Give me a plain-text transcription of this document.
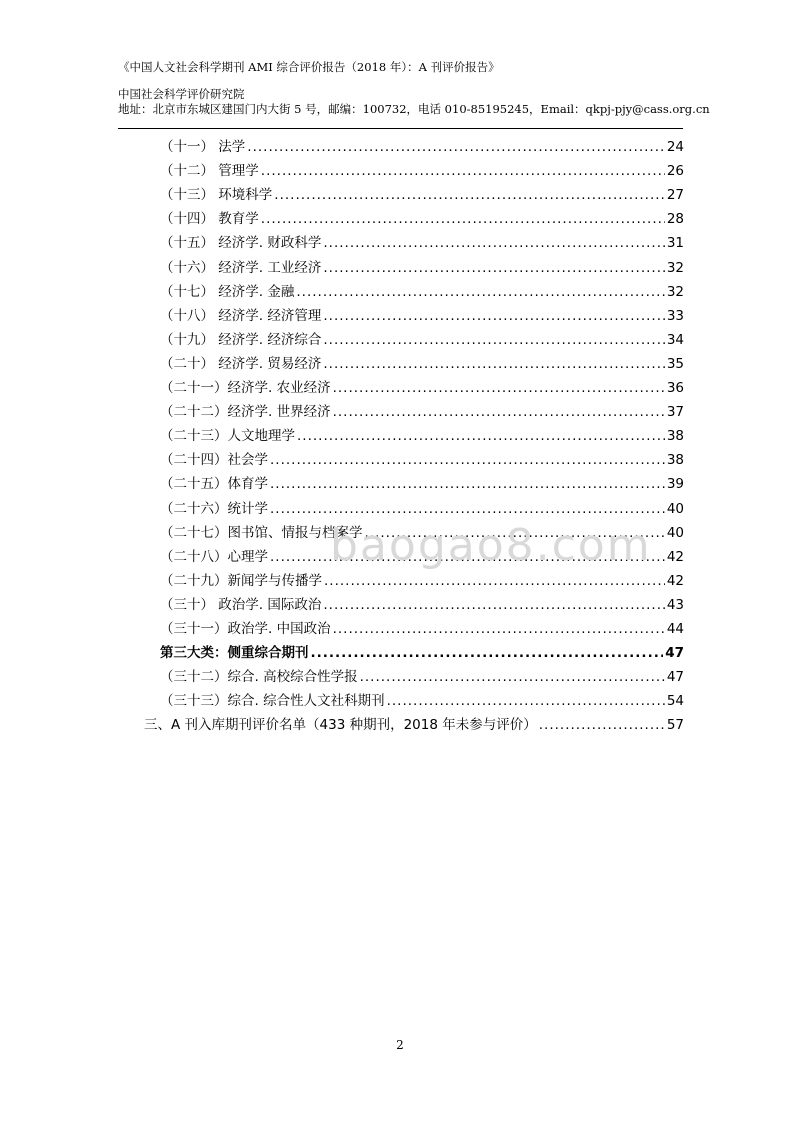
《中国人文社会科学期刊 AMI 综合评价报告（2018 年）：A 刊评价报告》

中国社会科学评价研究院

地址：北京市东城区建国门内大街 5 号，邮编：100732，电话 010-85195245，Email：qkpj-pjy@cass.org.cn

（十一） 法学 .....	24
（十二） 管理学 .....	26
（十三） 环境科学 .....	27
（十四） 教育学 .....	28
（十五） 经济学. 财政科学 .....	31
（十六） 经济学. 工业经济 .....	32
（十七） 经济学. 金融 .....	32
（十八） 经济学. 经济管理 .....	33
（十九） 经济学. 经济综合 .....	34
（二十） 经济学. 贸易经济 .....	35
（二十一）经济学. 农业经济 .....	36
（二十二）经济学. 世界经济 .....	37
（二十三）人文地理学 .....	38
（二十四）社会学 .....	38
（二十五）体育学 .....	39
（二十六）统计学 .....	40
（二十七）图书馆、情报与档案学 .....	40
（二十八）心理学 .....	42
（二十九）新闻学与传播学 .....	42
（三十） 政治学. 国际政治 .....	43
（三十一）政治学. 中国政治 .....	44
第三大类：侧重综合期刊 .....	47
（三十二）综合. 高校综合性学报 .....	47
（三十三）综合. 综合性人文社科期刊 .....	54
三、A 刊入库期刊评价名单（433 种期刊，2018 年未参与评价） .....	57
baogao8.com
2
